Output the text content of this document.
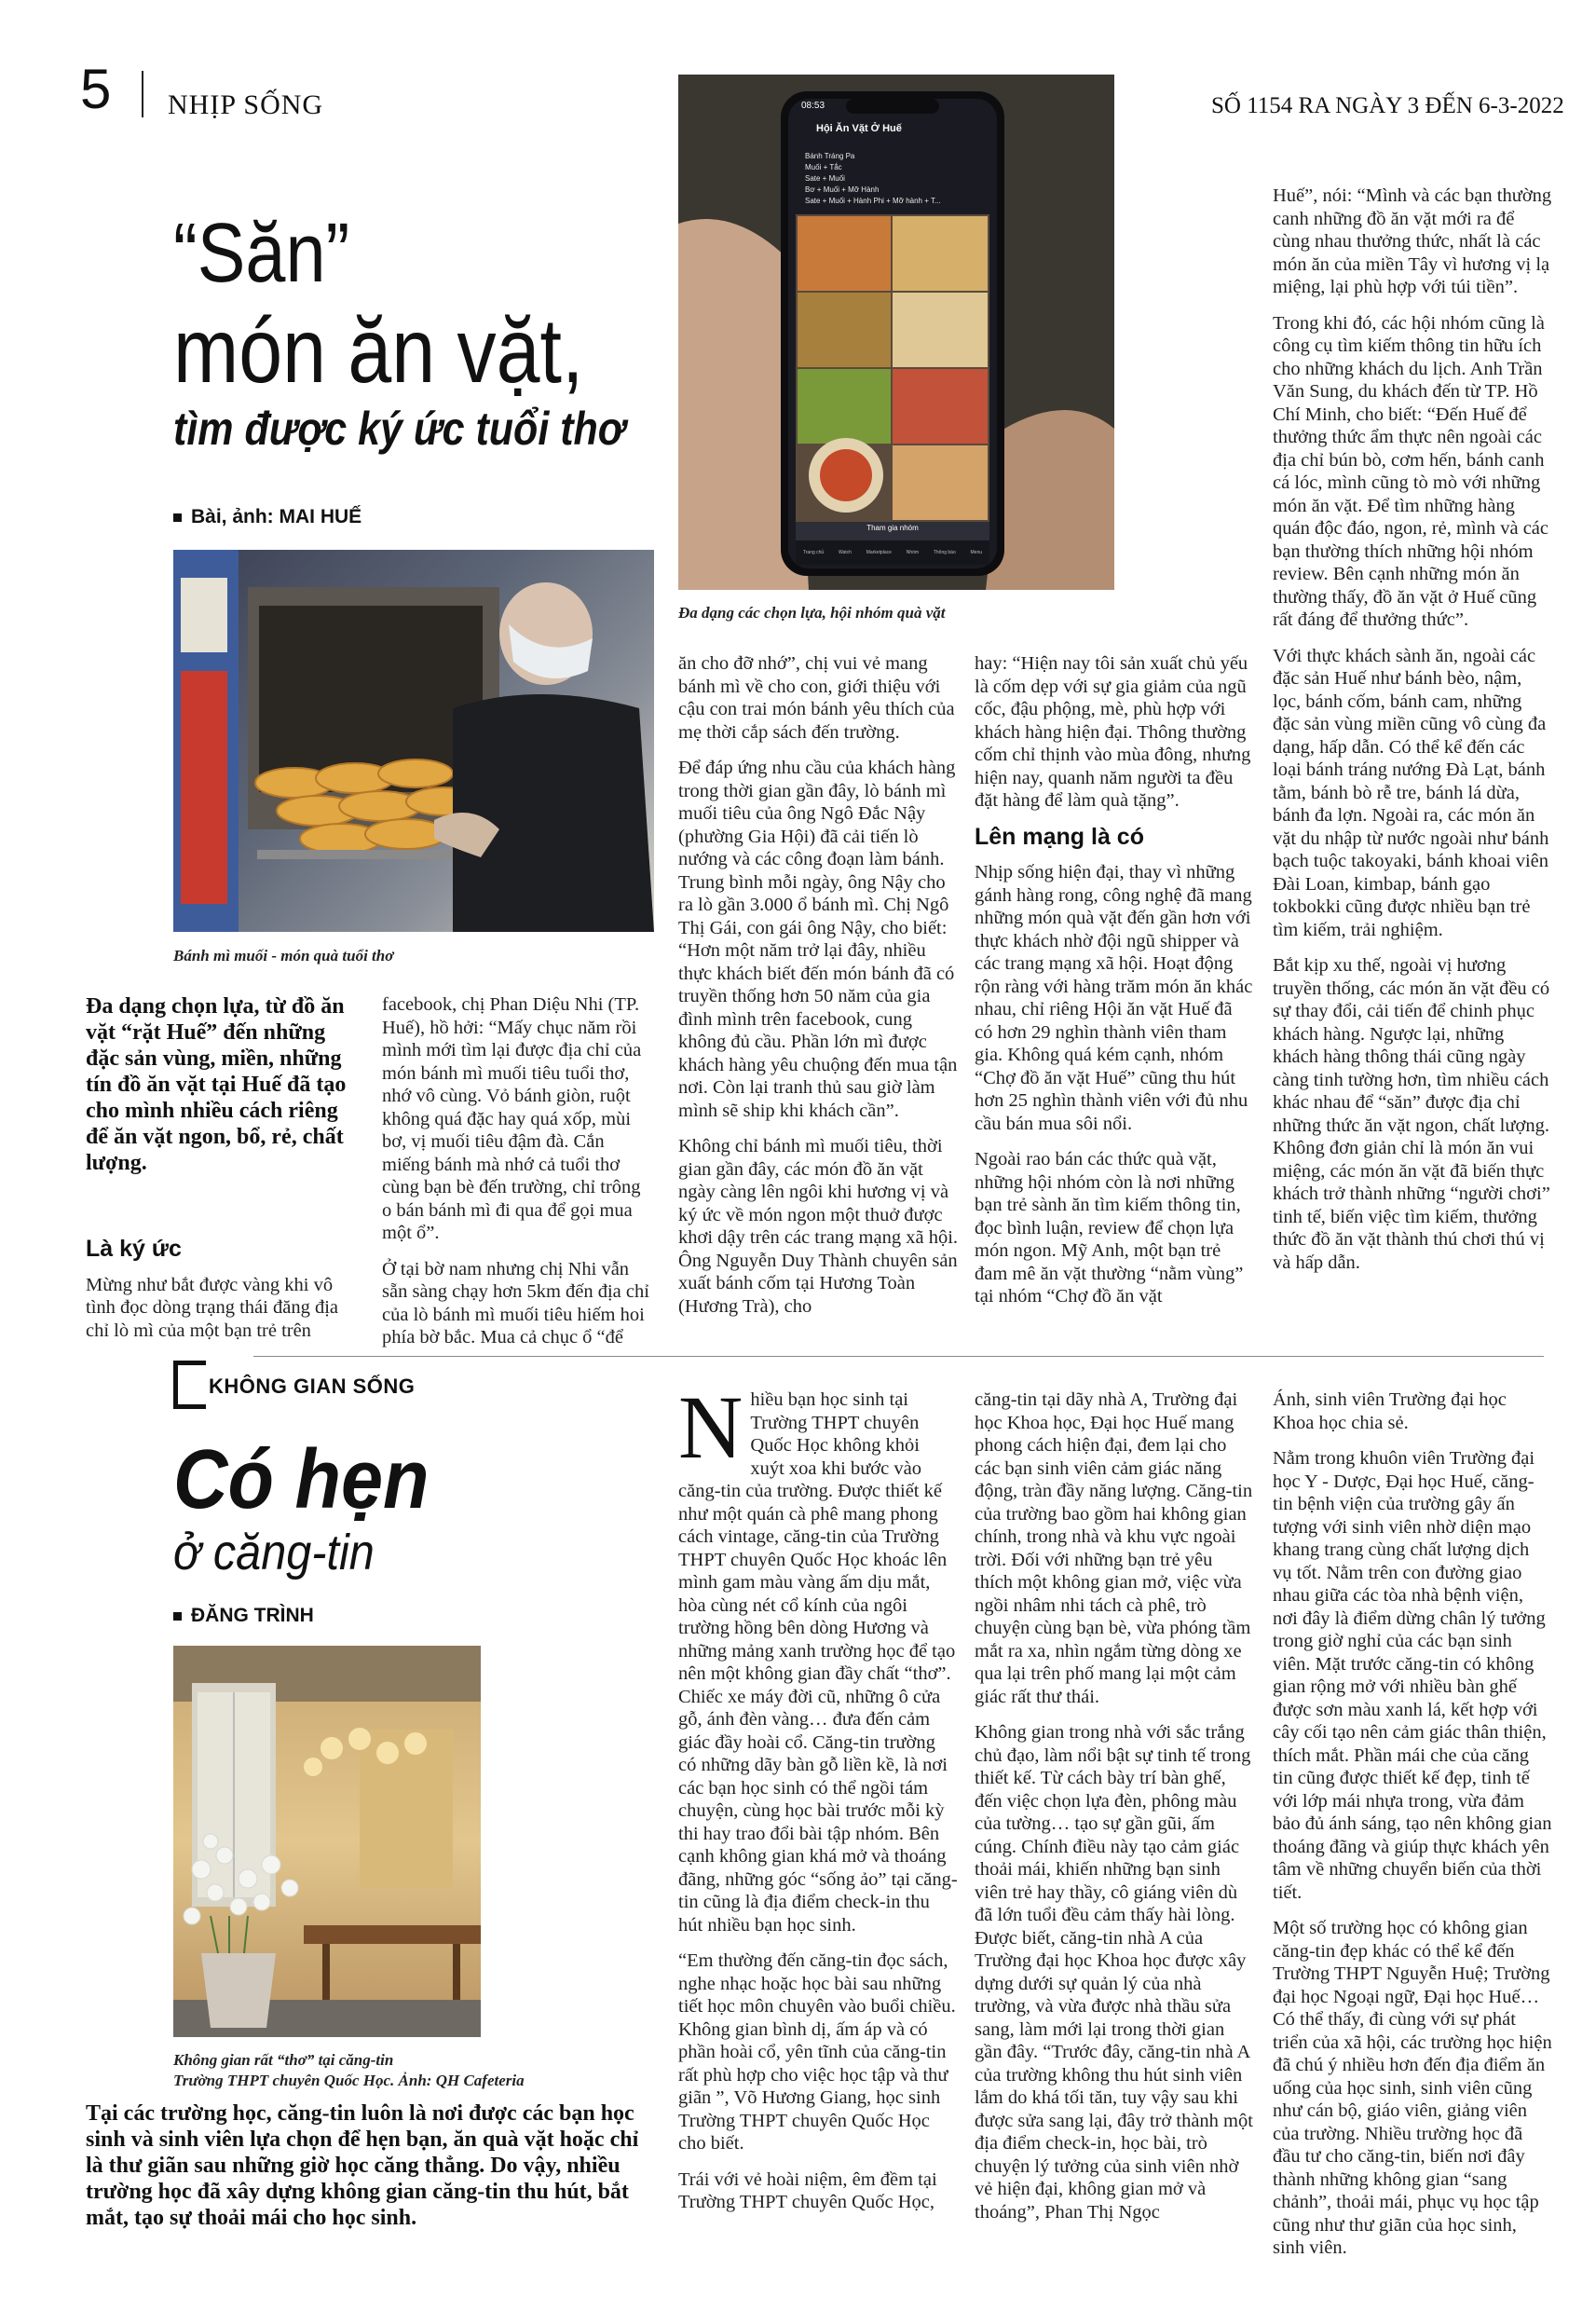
5 NHỊP SỐNG	SỐ 1154 RA NGÀY 3 ĐẾN 6-3-2022
“Săn”
món ăn vặt,
tìm được ký ức tuổi thơ
Bài, ảnh: MAI HUẾ
Bánh mì muối - món quà tuổi thơ
08:53
Hội Ăn Vặt Ở Huế
Bánh Tráng Pa
Muối + Tắc
Sate + Muối
Bơ + Muối + Mỡ Hành
Sate + Muối + Hành Phi + Mỡ hành + T...
Tham gia nhóm
Trang chủ	Watch	Marketplace	Nhóm	Thông báo	Menu
Đa dạng các chọn lựa, hội nhóm quà vặt
Đa dạng chọn lựa, từ đồ ăn vặt “rặt Huế” đến những đặc sản vùng, miền, những tín đồ ăn vặt tại Huế đã tạo cho mình nhiều cách riêng để ăn vặt ngon, bổ, rẻ, chất lượng.
Là ký ức

Mừng như bắt được vàng khi vô tình đọc dòng trạng thái đăng địa chỉ lò mì của một bạn trẻ trên

facebook, chị Phan Diệu Nhi (TP. Huế), hồ hởi: “Mấy chục năm rồi mình mới tìm lại được địa chỉ của món bánh mì muối tiêu tuổi thơ, nhớ vô cùng. Vỏ bánh giòn, ruột không quá đặc hay quá xốp, mùi bơ, vị muối tiêu đậm đà. Cắn miếng bánh mà nhớ cả tuổi thơ cùng bạn bè đến trường, chỉ trông o bán bánh mì đi qua để gọi mua một ổ”.

Ở tại bờ nam nhưng chị Nhi vẫn sẵn sàng chạy hơn 5km đến địa chỉ của lò bánh mì muối tiêu hiếm hoi phía bờ bắc. Mua cả chục ổ “để

ăn cho đỡ nhớ”, chị vui vẻ mang bánh mì về cho con, giới thiệu với cậu con trai món bánh yêu thích của mẹ thời cắp sách đến trường.

Để đáp ứng nhu cầu của khách hàng trong thời gian gần đây, lò bánh mì muối tiêu của ông Ngô Đắc Nậy (phường Gia Hội) đã cải tiến lò nướng và các công đoạn làm bánh. Trung bình mỗi ngày, ông Nậy cho ra lò gần 3.000 ổ bánh mì. Chị Ngô Thị Gái, con gái ông Nậy, cho biết: “Hơn một năm trở lại đây, nhiều thực khách biết đến món bánh đã có truyền thống hơn 50 năm của gia đình mình trên facebook, cung không đủ cầu. Phần lớn mì được khách hàng yêu chuộng đến mua tận nơi. Còn lại tranh thủ sau giờ làm mình sẽ ship khi khách cần”.

Không chỉ bánh mì muối tiêu, thời gian gần đây, các món đồ ăn vặt ngày càng lên ngôi khi hương vị và ký ức về món ngon một thuở được khơi dậy trên các trang mạng xã hội. Ông Nguyễn Duy Thành chuyên sản xuất bánh cốm tại Hương Toàn (Hương Trà), cho

hay: “Hiện nay tôi sản xuất chủ yếu là cốm dẹp với sự gia giảm của ngũ cốc, đậu phộng, mè, phù hợp với khách hàng hiện đại. Thông thường cốm chỉ thịnh vào mùa đông, nhưng hiện nay, quanh năm người ta đều đặt hàng để làm quà tặng”.

Lên mạng là có

Nhịp sống hiện đại, thay vì những gánh hàng rong, công nghệ đã mang những món quà vặt đến gần hơn với thực khách nhờ đội ngũ shipper và các trang mạng xã hội. Hoạt động rộn ràng với hàng trăm món ăn khác nhau, chỉ riêng Hội ăn vặt Huế đã có hơn 29 nghìn thành viên tham gia. Không quá kém cạnh, nhóm “Chợ đồ ăn vặt Huế” cũng thu hút hơn 25 nghìn thành viên với đủ nhu cầu bán mua sôi nổi.

Ngoài rao bán các thức quà vặt, những hội nhóm còn là nơi những bạn trẻ sành ăn tìm kiếm thông tin, đọc bình luận, review để chọn lựa món ngon. Mỹ Anh, một bạn trẻ đam mê ăn vặt thường “nằm vùng” tại nhóm “Chợ đồ ăn vặt

Huế”, nói: “Mình và các bạn thường canh những đồ ăn vặt mới ra để cùng nhau thưởng thức, nhất là các món ăn của miền Tây vì hương vị lạ miệng, lại phù hợp với túi tiền”.

Trong khi đó, các hội nhóm cũng là công cụ tìm kiếm thông tin hữu ích cho những khách du lịch. Anh Trần Văn Sung, du khách đến từ TP. Hồ Chí Minh, cho biết: “Đến Huế để thưởng thức ẩm thực nên ngoài các địa chỉ bún bò, cơm hến, bánh canh cá lóc, mình cũng tò mò với những món ăn vặt. Để tìm những hàng quán độc đáo, ngon, rẻ, mình và các bạn thường thích những hội nhóm review. Bên cạnh những món ăn thường thấy, đồ ăn vặt ở Huế cũng rất đáng để thưởng thức”.

Với thực khách sành ăn, ngoài các đặc sản Huế như bánh bèo, nậm, lọc, bánh cốm, bánh cam, những đặc sản vùng miền cũng vô cùng đa dạng, hấp dẫn. Có thể kể đến các loại bánh tráng nướng Đà Lạt, bánh tằm, bánh bò rễ tre, bánh lá dừa, bánh đa lợn. Ngoài ra, các món ăn vặt du nhập từ nước ngoài như bánh bạch tuộc takoyaki, bánh khoai viên Đài Loan, kimbap, bánh gạo tokbokki cũng được nhiều bạn trẻ tìm kiếm, trải nghiệm.

Bắt kịp xu thế, ngoài vị hương truyền thống, các món ăn vặt đều có sự thay đổi, cải tiến để chinh phục khách hàng. Ngược lại, những khách hàng thông thái cũng ngày càng tinh tường hơn, tìm nhiều cách khác nhau để “săn” được địa chỉ những thức ăn vặt ngon, chất lượng. Không đơn giản chỉ là món ăn vui miệng, các món ăn vặt đã biến thực khách trở thành những “người chơi” tinh tế, biến việc tìm kiếm, thưởng thức đồ ăn vặt thành thú chơi thú vị và hấp dẫn.

KHÔNG GIAN SỐNG
Có hẹn
ở căng-tin
ĐĂNG TRÌNH
Không gian rất “thơ” tại căng-tin
Trường THPT chuyên Quốc Học. Ảnh: QH Cafeteria
Tại các trường học, căng-tin luôn là nơi được các bạn học sinh và sinh viên lựa chọn để hẹn bạn, ăn quà vặt hoặc chỉ là thư giãn sau những giờ học căng thẳng. Do vậy, nhiều trường học đã xây dựng không gian căng-tin thu hút, bắt mắt, tạo sự thoải mái cho học sinh.

Nhiều bạn học sinh tại Trường THPT chuyên Quốc Học không khỏi xuýt xoa khi bước vào căng-tin của trường. Được thiết kế như một quán cà phê mang phong cách vintage, căng-tin của Trường THPT chuyên Quốc Học khoác lên mình gam màu vàng ấm dịu mắt, hòa cùng nét cổ kính của ngôi trường hồng bên dòng Hương và những mảng xanh trường học để tạo nên một không gian đầy chất “thơ”. Chiếc xe máy đời cũ, những ô cửa gỗ, ánh đèn vàng… đưa đến cảm giác đầy hoài cổ. Căng-tin trường có những dãy bàn gỗ liền kề, là nơi các bạn học sinh có thể ngồi tám chuyện, cùng học bài trước mỗi kỳ thi hay trao đổi bài tập nhóm. Bên cạnh không gian khá mở và thoáng đãng, những góc “sống ảo” tại căng-tin cũng là địa điểm check-in thu hút nhiều bạn học sinh.

“Em thường đến căng-tin đọc sách, nghe nhạc hoặc học bài sau những tiết học môn chuyên vào buổi chiều. Không gian bình dị, ấm áp và có phần hoài cổ, yên tĩnh của căng-tin rất phù hợp cho việc học tập và thư giãn ”, Võ Hương Giang, học sinh Trường THPT chuyên Quốc Học cho biết.

Trái với vẻ hoài niệm, êm đềm tại Trường THPT chuyên Quốc Học,

căng-tin tại dãy nhà A, Trường đại học Khoa học, Đại học Huế mang phong cách hiện đại, đem lại cho các bạn sinh viên cảm giác năng động, tràn đầy năng lượng. Căng-tin của trường bao gồm hai không gian chính, trong nhà và khu vực ngoài trời. Đối với những bạn trẻ yêu thích một không gian mở, việc vừa ngồi nhâm nhi tách cà phê, trò chuyện cùng bạn bè, vừa phóng tầm mắt ra xa, nhìn ngắm từng dòng xe qua lại trên phố mang lại một cảm giác rất thư thái.

Không gian trong nhà với sắc trắng chủ đạo, làm nổi bật sự tinh tế trong thiết kế. Từ cách bày trí bàn ghế, đến việc chọn lựa đèn, phông màu của tường… tạo sự gần gũi, ấm cúng. Chính điều này tạo cảm giác thoải mái, khiến những bạn sinh viên trẻ hay thầy, cô giáng viên dù đã lớn tuổi đều cảm thấy hài lòng. Được biết, căng-tin nhà A của Trường đại học Khoa học được xây dựng dưới sự quản lý của nhà trường, và vừa được nhà thầu sửa sang, làm mới lại trong thời gian gần đây. “Trước đây, căng-tin nhà A của trường không thu hút sinh viên lắm do khá tối tăn, tuy vậy sau khi được sửa sang lại, đây trở thành một địa điểm check-in, học bài, trò chuyện lý tưởng của sinh viên nhờ vẻ hiện đại, không gian mở và thoáng”, Phan Thị Ngọc

Ánh, sinh viên Trường đại học Khoa học chia sẻ.

Nằm trong khuôn viên Trường đại học Y - Dược, Đại học Huế, căng-tin bệnh viện của trường gây ấn tượng với sinh viên nhờ diện mạo khang trang cùng chất lượng dịch vụ tốt. Nằm trên con đường giao nhau giữa các tòa nhà bệnh viện, nơi đây là điểm dừng chân lý tưởng trong giờ nghỉ của các bạn sinh viên. Mặt trước căng-tin có không gian rộng mở với nhiều bàn ghế được sơn màu xanh lá, kết hợp với cây cối tạo nên cảm giác thân thiện, thích mắt. Phần mái che của căng tin cũng được thiết kế đẹp, tinh tế với lớp mái nhựa trong, vừa đảm bảo đủ ánh sáng, tạo nên không gian thoáng đãng và giúp thực khách yên tâm về những chuyển biến của thời tiết.

Một số trường học có không gian căng-tin đẹp khác có thể kể đến Trường THPT Nguyễn Huệ; Trường đại học Ngoại ngữ, Đại học Huế… Có thể thấy, đi cùng với sự phát triển của xã hội, các trường học hiện đã chú ý nhiều hơn đến địa điểm ăn uống của học sinh, sinh viên cũng như cán bộ, giáo viên, giảng viên của trường. Nhiều trường học đã đầu tư cho căng-tin, biến nơi đây thành những không gian “sang chảnh”, thoải mái, phục vụ học tập cũng như thư giãn của học sinh, sinh viên.
